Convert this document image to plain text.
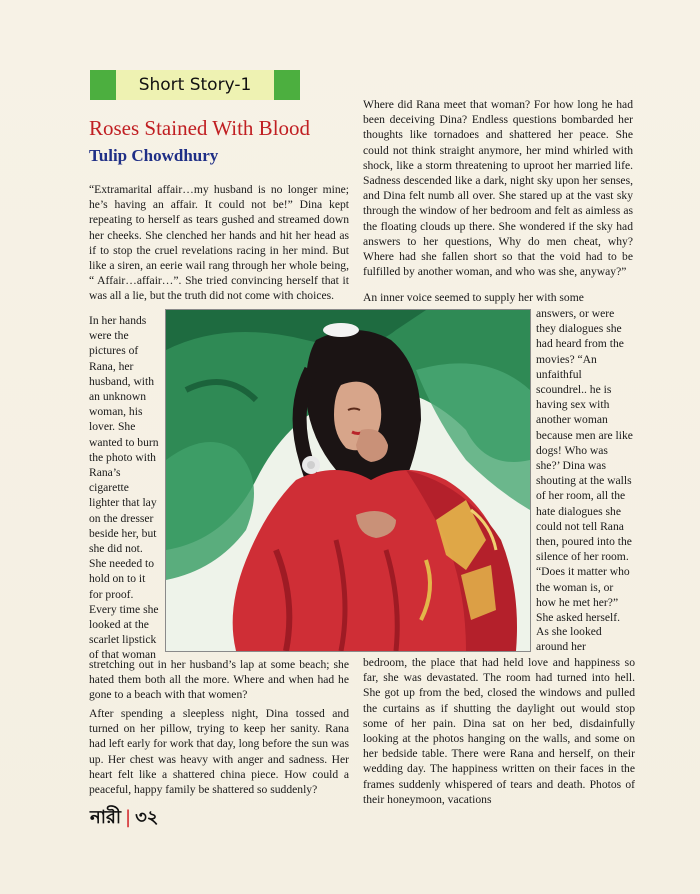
Short Story-1
Roses Stained With Blood
Tulip Chowdhury

“Extramarital affair…my husband is no longer mine; he’s having an affair. It could not be!” Dina kept repeating to herself as tears gushed and streamed down her cheeks. She clenched her hands and hit her head as if to stop the cruel revelations racing in her mind. But like a siren, an eerie wail rang through her whole being, “ Affair…affair…”. She tried convincing herself that it was all a lie, but the truth did not come with choices.

In her hands were the pictures of Rana, her husband, with an unknown woman, his lover. She wanted to burn the photo with Rana’s cigarette lighter that lay on the dresser beside her, but she did not. She needed to hold on to it for proof. Every time she looked at the scarlet lipstick of that woman

stretching out in her husband’s lap at some beach; she hated them both all the more. Where and when had he gone to a beach with that women?

After spending a sleepless night, Dina tossed and turned on her pillow, trying to keep her sanity. Rana had left early for work that day, long before the sun was up. Her chest was heavy with anger and sadness. Her heart felt like a shattered china piece. How could a peaceful, happy family be shattered so suddenly?

Where did Rana meet that woman? For how long he had been deceiving Dina? Endless questions bombarded her thoughts like tornadoes and shattered her peace. She could not think straight anymore, her mind whirled with shock, like a storm threatening to uproot her married life. Sadness descended like a dark, night sky upon her senses, and Dina felt numb all over. She stared up at the vast sky through the window of her bedroom and felt as aimless as the floating clouds up there. She wondered if the sky had answers to her questions, Why do men cheat, why? Where had she fallen short so that the void had to be fulfilled by another woman, and who was she, anyway?”

An inner voice seemed to supply her with some

answers, or were they dialogues she had heard from the movies? “An unfaithful scoundrel.. he is having sex with another woman because men are like dogs! Who was she?’ Dina was shouting at the walls of her room, all the hate dialogues she could not tell Rana then, poured into the silence of her room. “Does it matter who the woman is, or how he met her?” She asked herself.

As she looked around her

bedroom, the place that had held love and happiness so far, she was devastated. The room had turned into hell. She got up from the bed, closed the windows and pulled the curtains as if shutting the daylight out would stop some of her pain. Dina sat on her bed, disdainfully looking at the photos hanging on the walls, and some on her bedside table. There were Rana and herself, on their wedding day. The happiness written on their faces in the frames suddenly whispered of tears and death. Photos of their honeymoon, vacations

নারী | ৩২
